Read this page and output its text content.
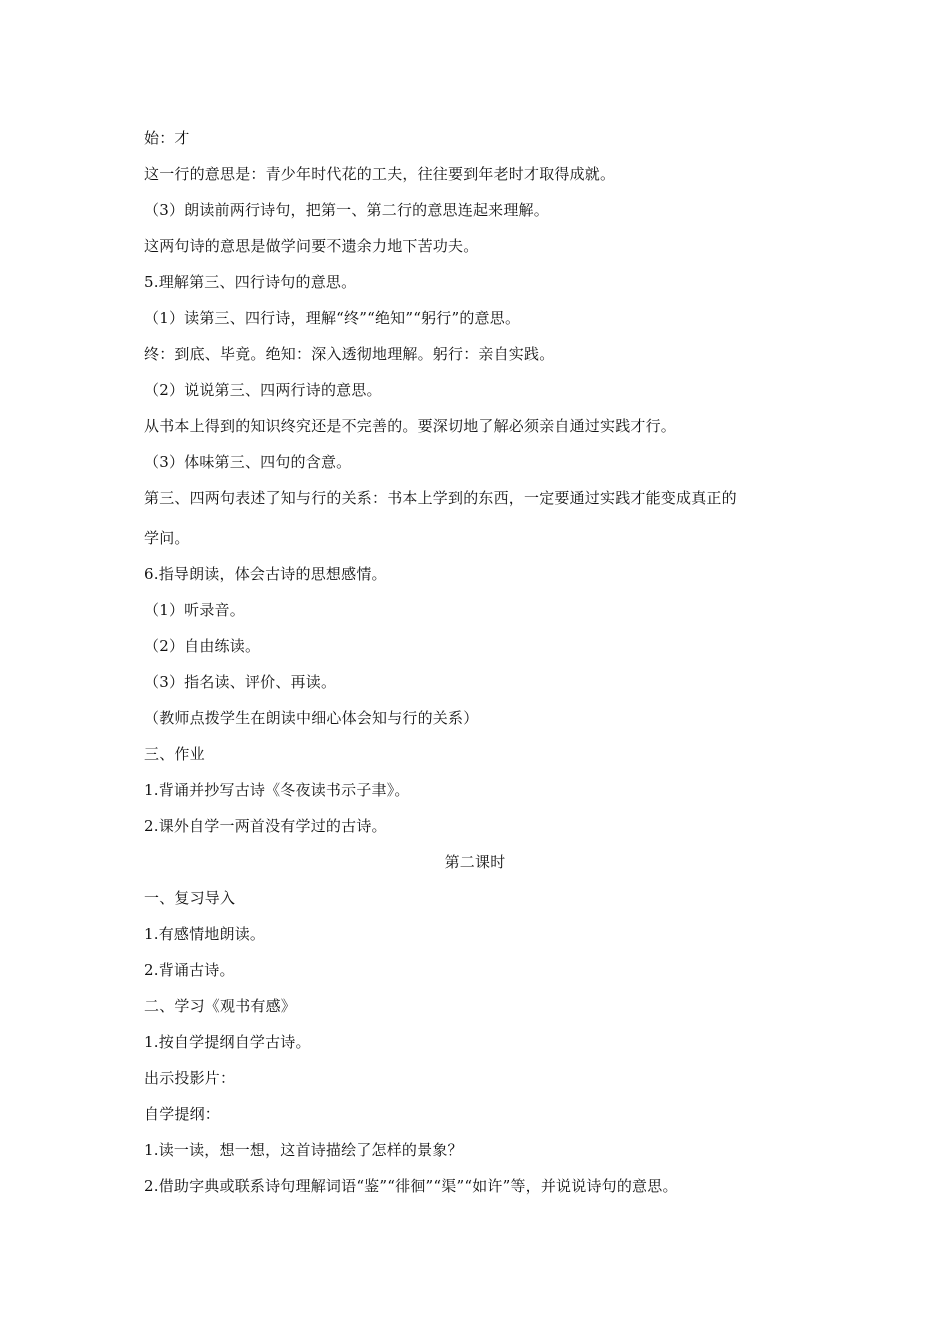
始：才
这一行的意思是：青少年时代花的工夫，往往要到年老时才取得成就。
（3）朗读前两行诗句，把第一、第二行的意思连起来理解。
这两句诗的意思是做学问要不遗余力地下苦功夫。
5.理解第三、四行诗句的意思。
（1）读第三、四行诗，理解“终”“绝知”“躬行”的意思。
终：到底、毕竟。绝知：深入透彻地理解。躬行：亲自实践。
（2）说说第三、四两行诗的意思。
从书本上得到的知识终究还是不完善的。要深切地了解必须亲自通过实践才行。
（3）体味第三、四句的含意。
第三、四两句表述了知与行的关系：书本上学到的东西，一定要通过实践才能变成真正的
学问。
6.指导朗读，体会古诗的思想感情。
（1）听录音。
（2）自由练读。
（3）指名读、评价、再读。
（教师点拨学生在朗读中细心体会知与行的关系）
三、作业
1.背诵并抄写古诗《冬夜读书示子聿》。
2.课外自学一两首没有学过的古诗。
第二课时
一、复习导入
1.有感情地朗读。
2.背诵古诗。
二、学习《观书有感》
1.按自学提纲自学古诗。
出示投影片：
自学提纲：
1.读一读，想一想，这首诗描绘了怎样的景象？
2.借助字典或联系诗句理解词语“鉴”“徘徊”“渠”“如许”等，并说说诗句的意思。
